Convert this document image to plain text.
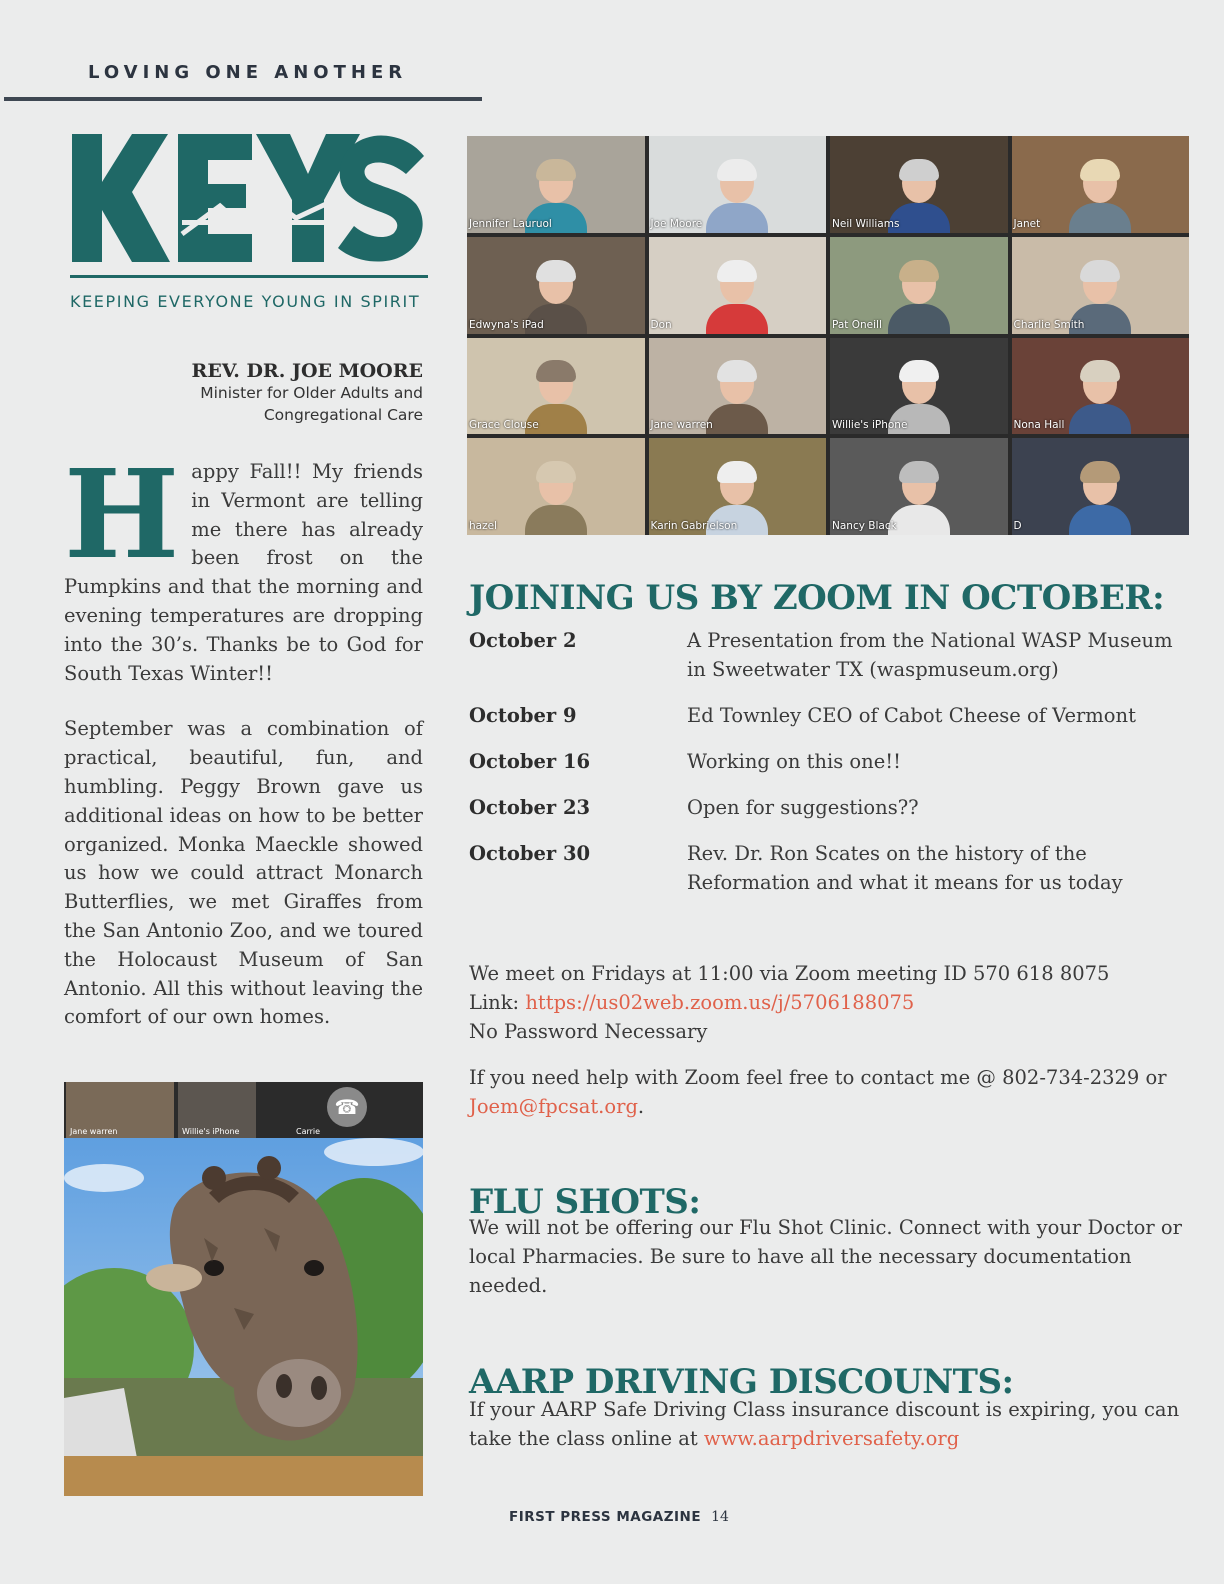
LOVING ONE ANOTHER
KEEPING EVERYONE YOUNG IN SPIRIT
REV. DR. JOE MOORE
Minister for Older Adults and
Congregational Care

Happy Fall!! My friends in Vermont are telling me there has already been frost on the Pumpkins and that the morning and evening temperatures are dropping into the 30’s. Thanks be to God for South Texas Winter!!

September was a combination of practical, beautiful, fun, and humbling. Peggy Brown gave us additional ideas on how to be better organized. Monka Maeckle showed us how we could attract Monarch Butterflies, we met Giraffes from the San Antonio Zoo, and we toured the Holocaust Museum of San Antonio. All this without leaving the comfort of our own homes.

Jennifer Lauruol	Joe Moore	Neil Williams	Janet
Edwyna's iPad	Don	Pat Oneill	Charlie Smith
Grace Clouse	Jane warren	Willie's iPhone	Nona Hall
hazel	Karin Gabrielson	Nancy Black	D
Jane warren	Willie's iPhone
☎
Carrie
JOINING US BY ZOOM IN OCTOBER:
October 2	A Presentation from the National WASP Museum in Sweetwater TX (waspmuseum.org)
October 9	Ed Townley CEO of Cabot Cheese of Vermont
October 16	Working on this one!!
October 23	Open for suggestions??
October 30	Rev. Dr. Ron Scates on the history of the Reformation and what it means for us today
We meet on Fridays at 11:00 via Zoom meeting ID 570 618 8075
Link: https://us02web.zoom.us/j/5706188075
No Password Necessary
If you need help with Zoom feel free to contact me @ 802-734-2329 or Joem@fpcsat.org.
FLU SHOTS:
We will not be offering our Flu Shot Clinic. Connect with your Doctor or local Pharmacies. Be sure to have all the necessary documentation needed.
AARP DRIVING DISCOUNTS:
If your AARP Safe Driving Class insurance discount is expiring, you can take the class online at www.aarpdriversafety.org
FIRST PRESS MAGAZINE 14
